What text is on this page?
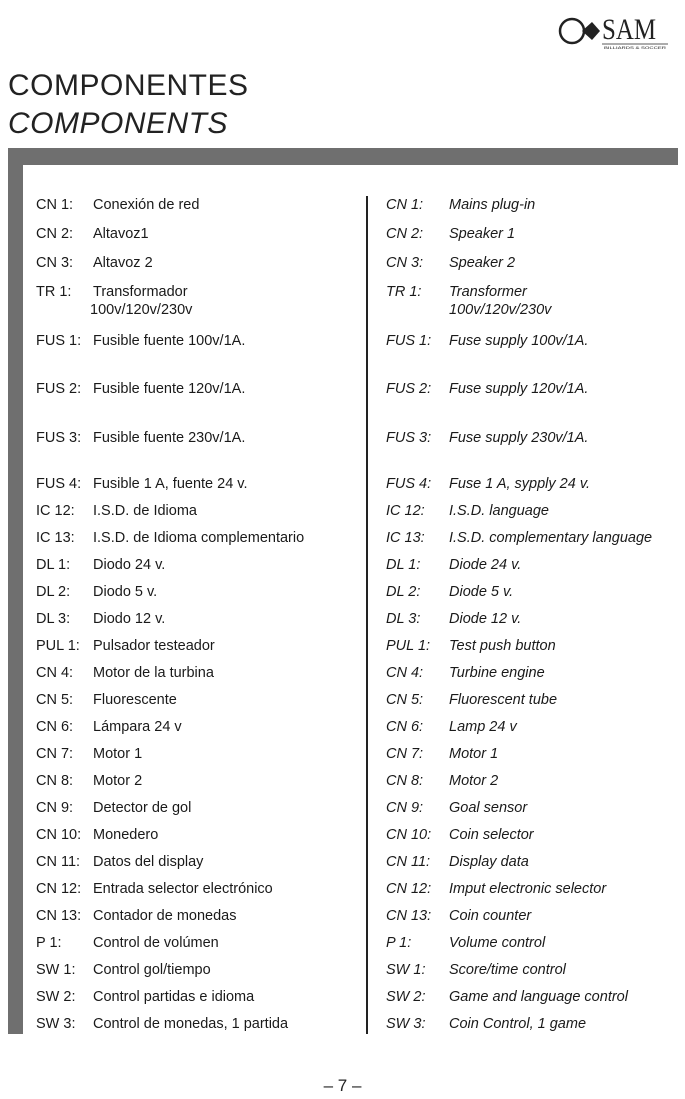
SAM
BILLIARDS & SOCCER
COMPONENTES
COMPONENTS
CN 1: Conexión de red
CN 2: Altavoz1
CN 3: Altavoz 2
TR 1: Transformador
100v/120v/230v
FUS 1: Fusible fuente 100v/1A.
FUS 2: Fusible fuente 120v/1A.
FUS 3: Fusible fuente 230v/1A.
FUS 4: Fusible 1 A, fuente 24 v.
IC 12: I.S.D. de Idioma
IC 13: I.S.D. de Idioma complementario
DL 1: Diodo 24 v.
DL 2: Diodo 5 v.
DL 3: Diodo 12 v.
PUL 1: Pulsador testeador
CN 4: Motor de la turbina
CN 5: Fluorescente
CN 6: Lámpara 24 v
CN 7: Motor 1
CN 8: Motor 2
CN 9: Detector de gol
CN 10: Monedero
CN 11: Datos del display
CN 12: Entrada selector electrónico
CN 13: Contador de monedas
P 1: Control de volúmen
SW 1: Control gol/tiempo
SW 2: Control partidas e idioma
SW 3: Control de monedas, 1 partida
CN 1: Mains plug-in
CN 2: Speaker 1
CN 3: Speaker 2
TR 1: Transformer
100v/120v/230v
FUS 1: Fuse supply 100v/1A.
FUS 2: Fuse supply 120v/1A.
FUS 3: Fuse supply 230v/1A.
FUS 4: Fuse 1 A, sypply 24 v.
IC 12: I.S.D. language
IC 13: I.S.D. complementary language
DL 1: Diode 24 v.
DL 2: Diode 5 v.
DL 3: Diode 12 v.
PUL 1: Test push button
CN 4: Turbine engine
CN 5: Fluorescent tube
CN 6: Lamp 24 v
CN 7: Motor 1
CN 8: Motor 2
CN 9: Goal sensor
CN 10: Coin selector
CN 11: Display data
CN 12: Imput electronic selector
CN 13: Coin counter
P 1:	Volume control
SW 1: Score/time control
SW 2: Game and language control
SW 3: Coin Control, 1 game
– 7 –
